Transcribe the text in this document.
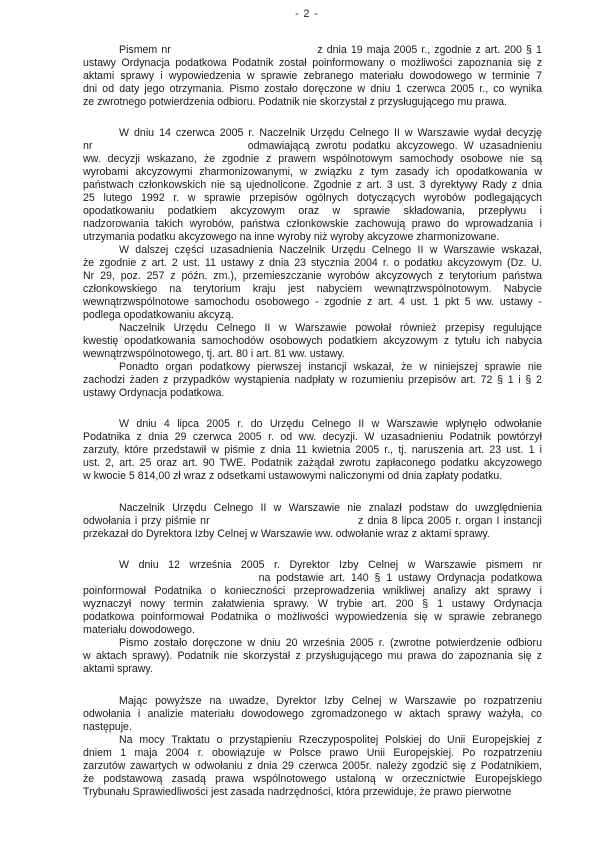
- 2 -
Pismem nr                                    z dnia 19 maja 2005 r., zgodnie z art. 200 § 1
ustawy Ordynacja podatkowa Podatnik został poinformowany o możliwości zapoznania się z
aktami sprawy i wypowiedzenia w sprawie zebranego materiału dowodowego w terminie 7
dni od daty jego otrzymania. Pismo zostało doręczone w dniu 1 czerwca 2005 r., co wynika
ze zwrotnego potwierdzenia odbioru. Podatnik nie skorzystał z przysługującego mu prawa.
W dniu 14 czerwca 2005 r. Naczelnik Urzędu Celnego II w Warszawie wydał decyzję
nr                          odmawiającą zwrotu podatku akcyzowego. W uzasadnieniu
ww. decyzji wskazano, że zgodnie z prawem wspólnotowym samochody osobowe nie są
wyrobami akcyzowymi zharmonizowanymi, w związku z tym zasady ich opodatkowania w
państwach członkowskich nie są ujednolicone. Zgodnie z art. 3 ust. 3 dyrektywy Rady z dnia
25 lutego 1992 r. w sprawie przepisów ogólnych dotyczących wyrobów podlegających
opodatkowaniu podatkiem akcyzowym oraz w sprawie składowania, przepływu i
nadzorowania takich wyrobów, państwa członkowskie zachowują prawo do wprowadzania i
utrzymania podatku akcyzowego na inne wyroby niż wyroby akcyzowe zharmonizowane.
W dalszej części uzasadnienia Naczelnik Urzędu Celnego II w Warszawie wskazał,
że zgodnie z art. 2 ust. 11 ustawy z dnia 23 stycznia 2004 r. o podatku akcyzowym (Dz. U.
Nr 29, poz. 257 z późn. zm.), przemieszczanie wyrobów akcyzowych z terytorium państwa
członkowskiego na terytorium kraju jest nabyciem wewnątrzwspólnotowym. Nabycie
wewnątrzwspólnotowe samochodu osobowego - zgodnie z art. 4 ust. 1 pkt 5 ww. ustawy -
podlega opodatkowaniu akcyzą.
Naczelnik Urzędu Celnego II w Warszawie powołał również przepisy regulujące
kwestię opodatkowania samochodów osobowych podatkiem akcyzowym z tytułu ich nabycia
wewnątrzwspólnotowego, tj. art. 80 i art. 81 ww. ustawy.
Ponadto organ podatkowy pierwszej instancji wskazał, że w niniejszej sprawie nie
zachodzi żaden z przypadków wystąpienia nadpłaty w rozumieniu przepisów art. 72 § 1 i § 2
ustawy Ordynacja podatkowa.
W dniu 4 lipca 2005 r. do Urzędu Celnego II w Warszawie wpłynęło odwołanie
Podatnika z dnia 29 czerwca 2005 r. od ww. decyzji. W uzasadnieniu Podatnik powtórzył
zarzuty, które przedstawił w piśmie z dnia 11 kwietnia 2005 r., tj. naruszenia art. 23 ust. 1 i
ust. 2, art. 25 oraz art. 90 TWE. Podatnik zażądał zwrotu zapłaconego podatku akcyzowego
w kwocie 5 814,00 zł wraz z odsetkami ustawowymi naliczonymi od dnia zapłaty podatku.
Naczelnik Urzędu Celnego II w Warszawie nie znalazł podstaw do uwzględnienia
odwołania i przy piśmie nr                                    z dnia 8 lipca 2005 r. organ I instancji
przekazał do Dyrektora Izby Celnej w Warszawie ww. odwołanie wraz z aktami sprawy.
W dniu 12 września 2005 r. Dyrektor Izby Celnej w Warszawie pismem nr
na podstawie art. 140 § 1 ustawy Ordynacja podatkowa
poinformował Podatnika o konieczności przeprowadzenia wnikliwej analizy akt sprawy i
wyznaczył nowy termin załatwienia sprawy. W trybie art. 200 § 1 ustawy Ordynacja
podatkowa poinformował Podatnika o możliwości wypowiedzenia się w sprawie zebranego
materiału dowodowego.
Pismo zostało doręczone w dniu 20 września 2005 r. (zwrotne potwierdzenie odbioru
w aktach sprawy). Podatnik nie skorzystał z przysługującego mu prawa do zapoznania się z
aktami sprawy.
Mając powyższe na uwadze, Dyrektor Izby Celnej w Warszawie po rozpatrzeniu
odwołania i analizie materiału dowodowego zgromadzonego w aktach sprawy ważyła, co
następuje.
Na mocy Traktatu o przystąpieniu Rzeczypospolitej Polskiej do Unii Europejskiej z
dniem 1 maja 2004 r. obowiązuje w Polsce prawo Unii Europejskiej. Po rozpatrzeniu
zarzutów zawartych w odwołaniu z dnia 29 czerwca 2005r. należy zgodzić się z Podatnikiem,
że podstawową zasadą prawa wspólnotowego ustaloną w orzecznictwie Europejskiego
Trybunału Sprawiedliwości jest zasada nadrzędności, która przewiduje, że prawo pierwotne
